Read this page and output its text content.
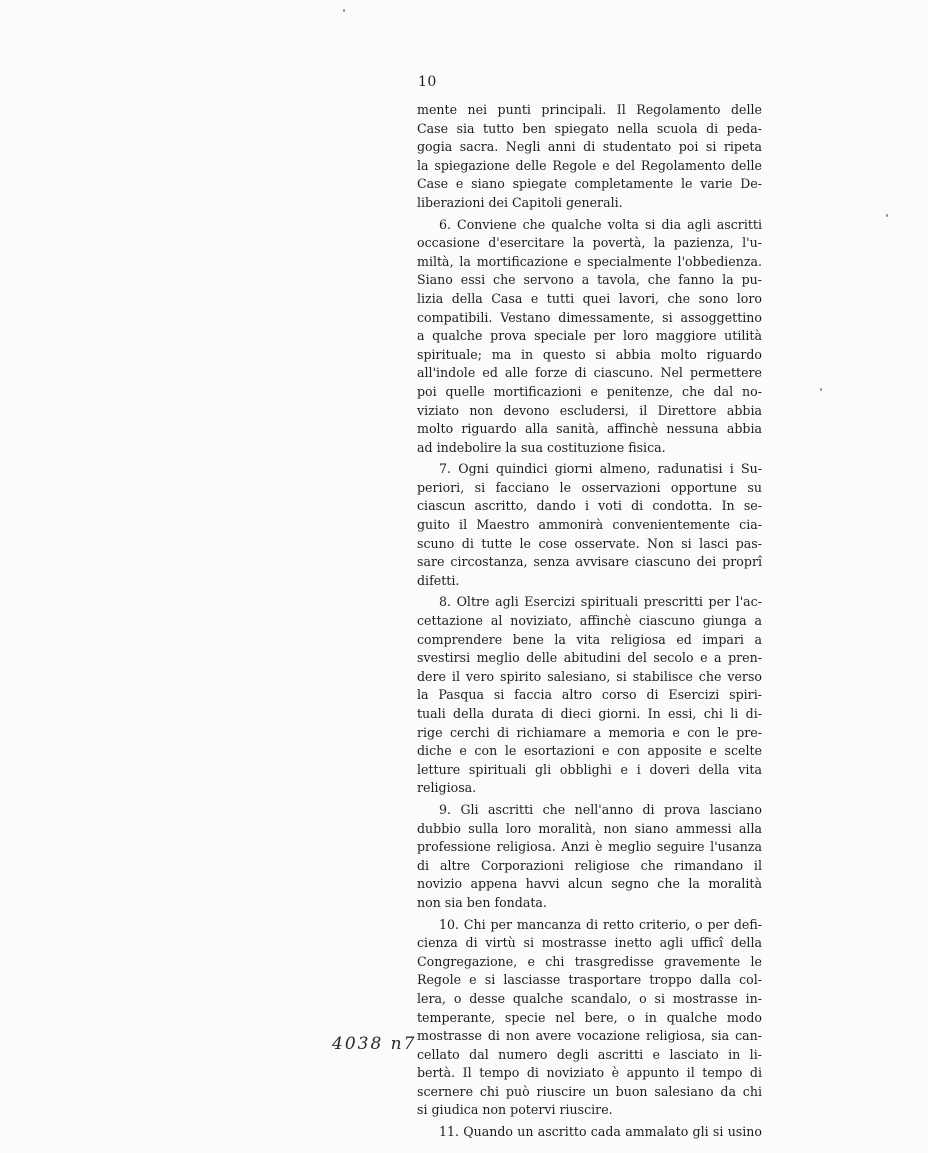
10
mente nei punti principali. Il Regolamento delle
Case sia tutto ben spiegato nella scuola di peda-
gogia sacra. Negli anni di studentato poi si ripeta
la spiegazione delle Regole e del Regolamento delle
Case e siano spiegate completamente le varie De-
liberazioni dei Capitoli generali.
6. Conviene che qualche volta si dia agli ascritti
occasione d'esercitare la povertà, la pazienza, l'u-
miltà, la mortificazione e specialmente l'obbedienza.
Siano essi che servono a tavola, che fanno la pu-
lizia della Casa e tutti quei lavori, che sono loro
compatibili. Vestano dimessamente, si assoggettino
a qualche prova speciale per loro maggiore utilità
spirituale; ma in questo si abbia molto riguardo
all'indole ed alle forze di ciascuno. Nel permettere
poi quelle mortificazioni e penitenze, che dal no-
viziato non devono escludersi, il Direttore abbia
molto riguardo alla sanità, affinchè nessuna abbia
ad indebolire la sua costituzione fisica.
7. Ogni quindici giorni almeno, radunatisi i Su-
periori, si facciano le osservazioni opportune su
ciascun ascritto, dando i voti di condotta. In se-
guito il Maestro ammonirà convenientemente cia-
scuno di tutte le cose osservate. Non si lasci pas-
sare circostanza, senza avvisare ciascuno dei proprî
difetti.
8. Oltre agli Esercizi spirituali prescritti per l'ac-
cettazione al noviziato, affinchè ciascuno giunga a
comprendere bene la vita religiosa ed impari a
svestirsi meglio delle abitudini del secolo e a pren-
dere il vero spirito salesiano, si stabilisce che verso
la Pasqua si faccia altro corso di Esercizi spiri-
tuali della durata di dieci giorni. In essi, chi li di-
rige cerchi di richiamare a memoria e con le pre-
diche e con le esortazioni e con apposite e scelte
letture spirituali gli obblighi e i doveri della vita
religiosa.
9. Gli ascritti che nell'anno di prova lasciano
dubbio sulla loro moralità, non siano ammessi alla
professione religiosa. Anzi è meglio seguire l'usanza
di altre Corporazioni religiose che rimandano il
novizio appena havvi alcun segno che la moralità
non sia ben fondata.
10. Chi per mancanza di retto criterio, o per defi-
cienza di virtù si mostrasse inetto agli ufficî della
Congregazione, e chi trasgredisse gravemente le
Regole e si lasciasse trasportare troppo dalla col-
lera, o desse qualche scandalo, o si mostrasse in-
temperante, specie nel bere, o in qualche modo
mostrasse di non avere vocazione religiosa, sia can-
cellato dal numero degli ascritti e lasciato in li-
bertà. Il tempo di noviziato è appunto il tempo di
scernere chi può riuscire un buon salesiano da chi
si giudica non potervi riuscire.
11. Quando un ascritto cada ammalato gli si usino
4038 n7
